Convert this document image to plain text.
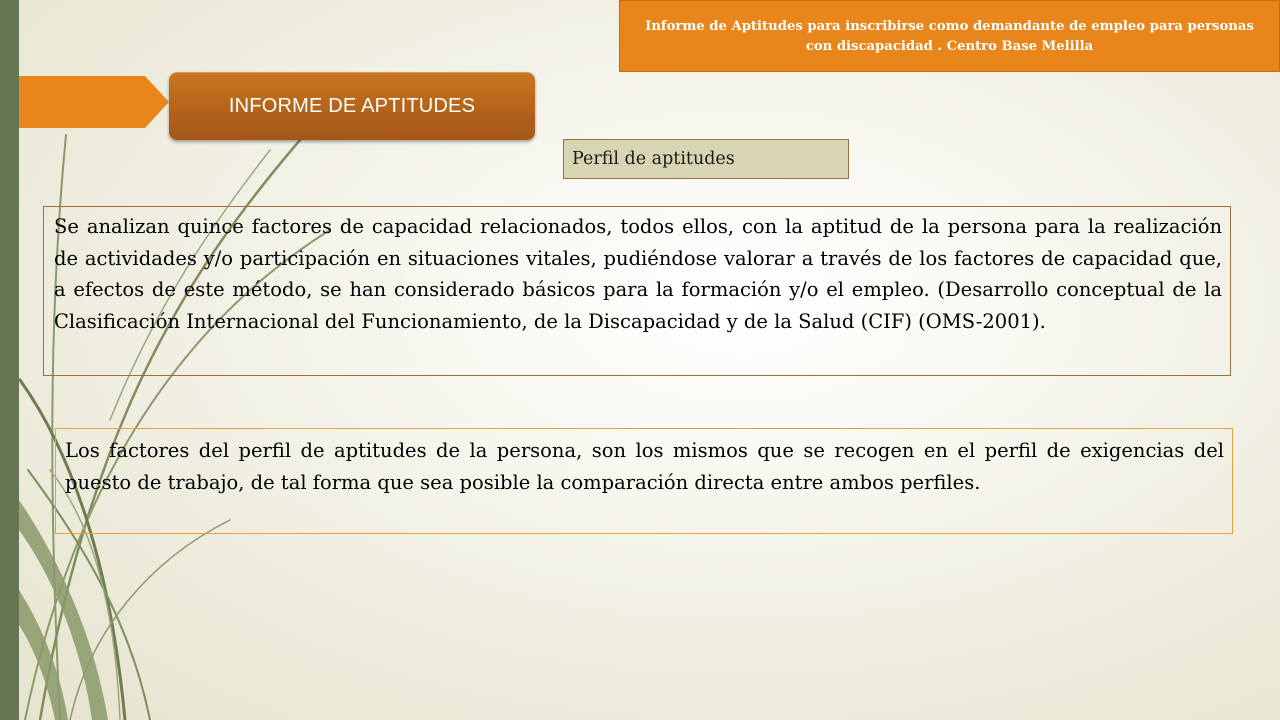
INFORME DE APTITUDES
Informe de Aptitudes para inscribirse como demandante de empleo para personas con discapacidad . Centro Base Melilla
Perfil de aptitudes
Se analizan quince factores de capacidad relacionados, todos ellos, con la aptitud de la persona para la realización de actividades y/o participación en situaciones vitales, pudiéndose valorar a través de los factores de capacidad que, a efectos de este método, se han considerado básicos para la formación y/o el empleo. (Desarrollo conceptual de la Clasificación Internacional del Funcionamiento, de la Discapacidad y de la Salud (CIF) (OMS-2001).
Los factores del perfil de aptitudes de la persona, son los mismos que se recogen en el perfil de exigencias del puesto de trabajo, de tal forma que sea posible la comparación directa entre ambos perfiles.
